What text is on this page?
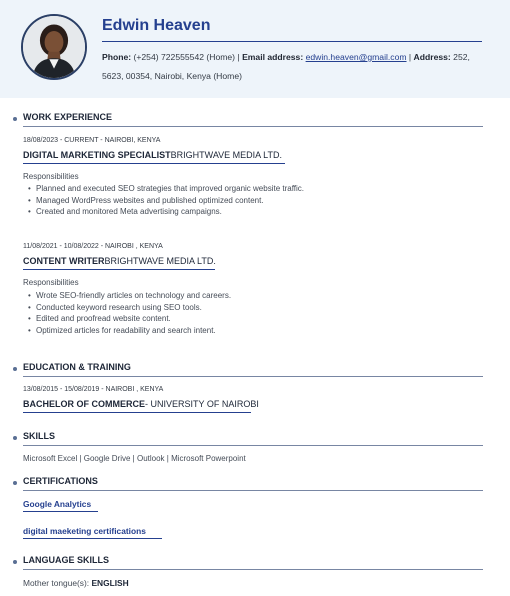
Edwin Heaven
Phone: (+254) 722555542 (Home) | Email address: edwin.heaven@gmail.com | Address: 252, 5623, 00354, Nairobi, Kenya (Home)
WORK EXPERIENCE
18/08/2023 - CURRENT - NAIROBI, KENYA
DIGITAL MARKETING SPECIALISTBRIGHTWAVE MEDIA LTD.
Responsibilities
• Planned and executed SEO strategies that improved organic website traffic.
• Managed WordPress websites and published optimized content.
• Created and monitored Meta advertising campaigns.
11/08/2021 - 10/08/2022 - NAIROBI , KENYA
CONTENT WRITERBRIGHTWAVE MEDIA LTD.
Responsibilities
• Wrote SEO-friendly articles on technology and careers.
• Conducted keyword research using SEO tools.
• Edited and proofread website content.
• Optimized articles for readability and search intent.
EDUCATION & TRAINING
13/08/2015 - 15/08/2019 - NAIROBI , KENYA
BACHELOR OF COMMERCE- UNIVERSITY OF NAIROBI
SKILLS
Microsoft Excel | Google Drive | Outlook | Microsoft Powerpoint
CERTIFICATIONS
Google Analytics
digital maeketing certifications
LANGUAGE SKILLS
Mother tongue(s): ENGLISH
